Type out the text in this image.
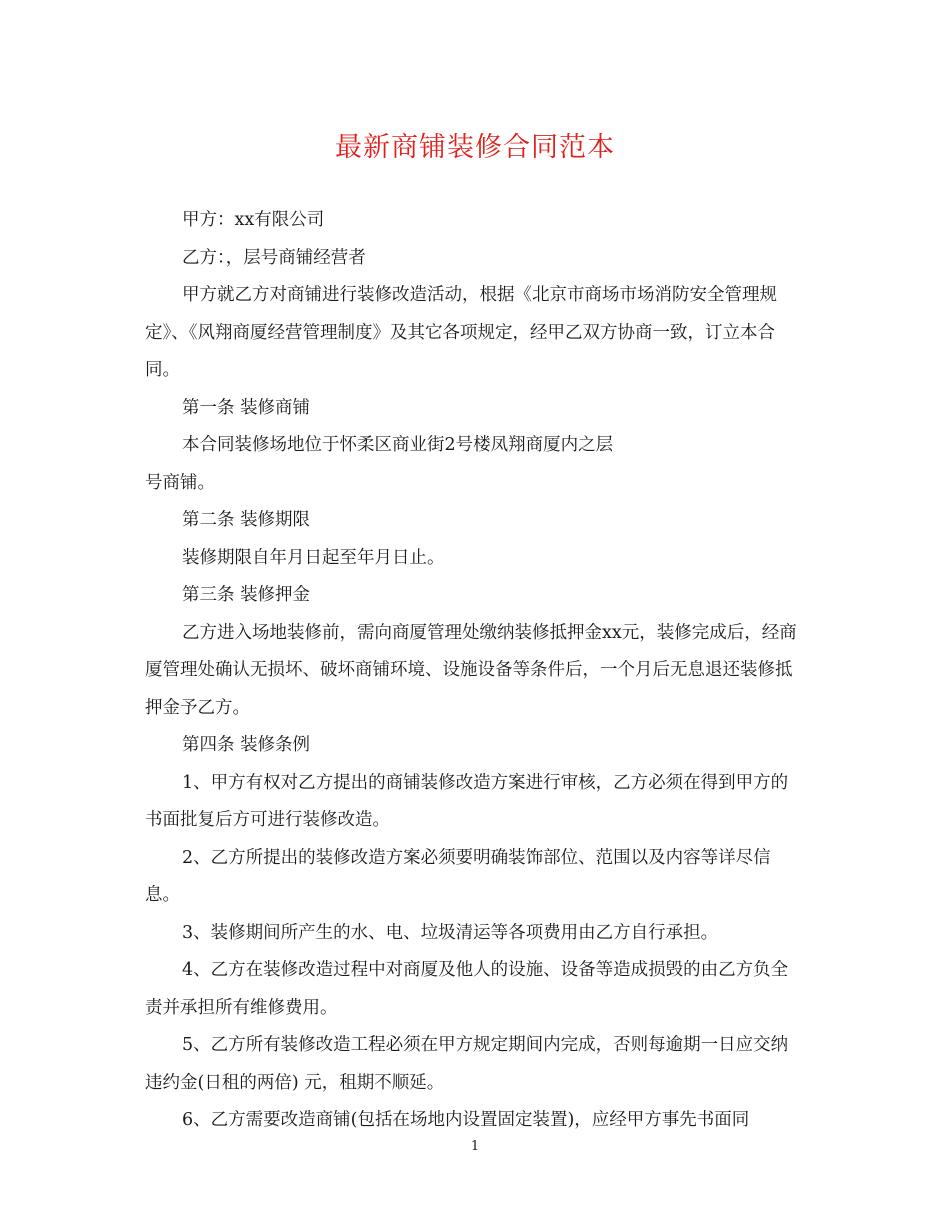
最新商铺装修合同范本

甲方：xx有限公司

乙方：，层号商铺经营者

甲方就乙方对商铺进行装修改造活动，根据《北京市商场市场消防安全管理规定》、《风翔商厦经营管理制度》及其它各项规定，经甲乙双方协商一致，订立本合同。

第一条 装修商铺

本合同装修场地位于怀柔区商业街2号楼凤翔商厦内之层

号商铺。

第二条 装修期限

装修期限自年月日起至年月日止。

第三条 装修押金

乙方进入场地装修前，需向商厦管理处缴纳装修抵押金xx元，装修完成后，经商厦管理处确认无损坏、破坏商铺环境、设施设备等条件后，一个月后无息退还装修抵押金予乙方。

第四条 装修条例

1、甲方有权对乙方提出的商铺装修改造方案进行审核，乙方必须在得到甲方的书面批复后方可进行装修改造。

2、乙方所提出的装修改造方案必须要明确装饰部位、范围以及内容等详尽信息。

3、装修期间所产生的水、电、垃圾清运等各项费用由乙方自行承担。

4、乙方在装修改造过程中对商厦及他人的设施、设备等造成损毁的由乙方负全责并承担所有维修费用。

5、乙方所有装修改造工程必须在甲方规定期间内完成，否则每逾期一日应交纳违约金(日租的两倍) 元，租期不顺延。

6、乙方需要改造商铺(包括在场地内设置固定装置)，应经甲方事先书面同

1
